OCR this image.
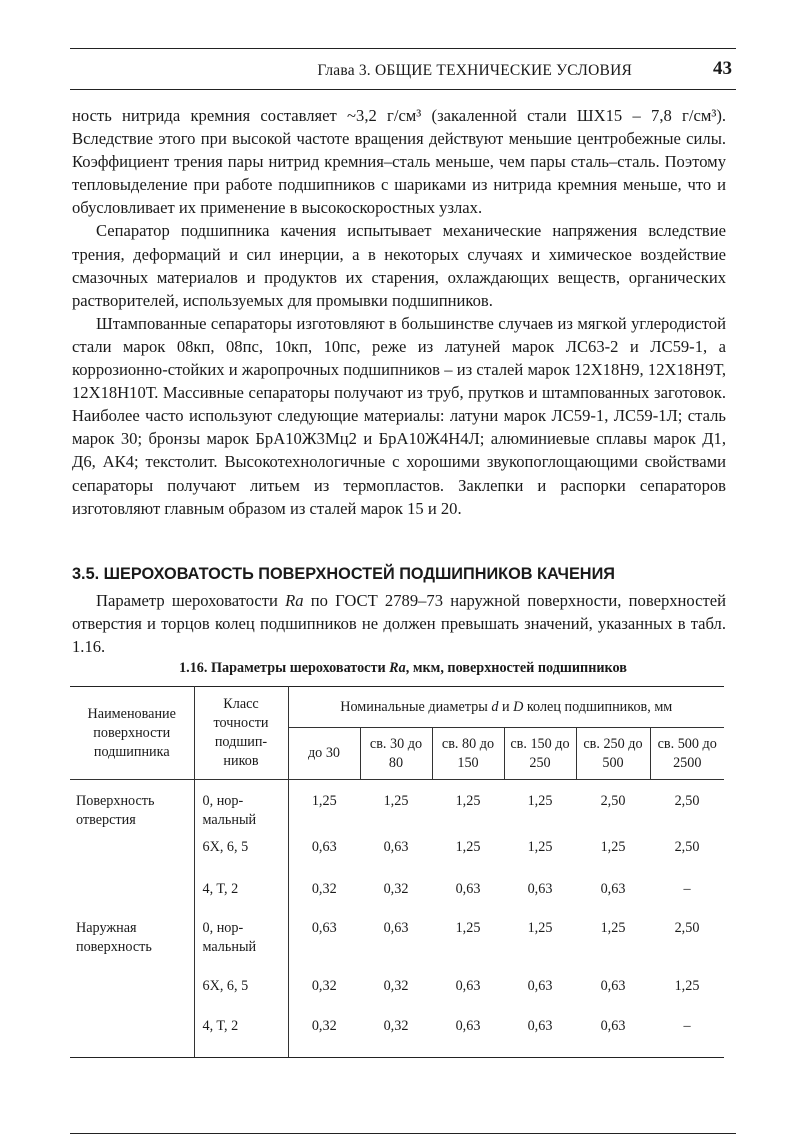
Глава 3. ОБЩИЕ ТЕХНИЧЕСКИЕ УСЛОВИЯ	43

ность нитрида кремния составляет ~3,2 г/см³ (закаленной стали ШХ15 – 7,8 г/см³). Вследствие этого при высокой частоте вращения действуют меньшие центробежные силы. Коэффициент трения пары нитрид кремния–сталь меньше, чем пары сталь–сталь. Поэтому тепловыделение при работе подшипников с шариками из нитрида кремния меньше, что и обусловливает их применение в высокоскоростных узлах.

Сепаратор подшипника качения испытывает механические напряжения вследствие трения, деформаций и сил инерции, а в некоторых случаях и химическое воздействие смазочных материалов и продуктов их старения, охлаждающих веществ, органических растворителей, используемых для промывки подшипников.

Штампованные сепараторы изготовляют в большинстве случаев из мягкой углеродистой стали марок 08кп, 08пс, 10кп, 10пс, реже из латуней марок ЛС63-2 и ЛС59-1, а коррозионно-стойких и жаропрочных подшипников – из сталей марок 12Х18Н9, 12Х18Н9Т, 12Х18Н10Т. Массивные сепараторы получают из труб, прутков и штампованных заготовок. Наиболее часто используют следующие материалы: латуни марок ЛС59-1, ЛС59-1Л; сталь марок 30; бронзы марок БрА10Ж3Мц2 и БрА10Ж4Н4Л; алюминиевые сплавы марок Д1, Д6, АК4; текстолит. Высокотехнологичные с хорошими звукопоглощающими свойствами сепараторы получают литьем из термопластов. Заклепки и распорки сепараторов изготовляют главным образом из сталей марок 15 и 20.

3.5. ШЕРОХОВАТОСТЬ ПОВЕРХНОСТЕЙ ПОДШИПНИКОВ КАЧЕНИЯ

Параметр шероховатости Ra по ГОСТ 2789–73 наружной поверхности, поверхностей отверстия и торцов колец подшипников не должен превышать значений, указанных в табл. 1.16.

1.16. Параметры шероховатости Ra, мкм, поверхностей подшипников
Наименование поверхности подшипника	Класс точности подшип-ников	Номинальные диаметры d и D колец подшипников, мм					
		до 30	св. 30 до 80	св. 80 до 150	св. 150 до 250	св. 250 до 500	св. 500 до 2500
Поверхность отверстия	0, нор-мальный	1,25	1,25	1,25	1,25	2,50	2,50
	6X, 6, 5	0,63	0,63	1,25	1,25	1,25	2,50
	4, T, 2	0,32	0,32	0,63	0,63	0,63	–
Наружная поверхность	0, нор-мальный	0,63	0,63	1,25	1,25	1,25	2,50
	6X, 6, 5	0,32	0,32	0,63	0,63	0,63	1,25
	4, T, 2	0,32	0,32	0,63	0,63	0,63	–
